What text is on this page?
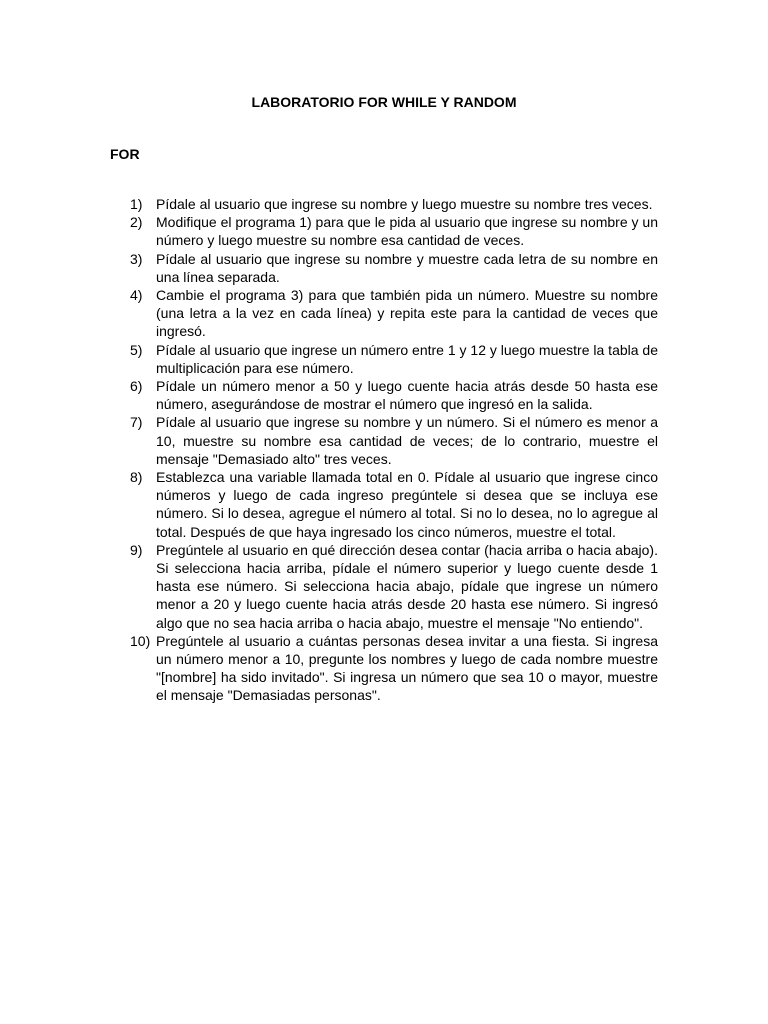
LABORATORIO FOR WHILE Y RANDOM
FOR
1) Pídale al usuario que ingrese su nombre y luego muestre su nombre tres veces.
2) Modifique el programa 1) para que le pida al usuario que ingrese su nombre y un número y luego muestre su nombre esa cantidad de veces.
3) Pídale al usuario que ingrese su nombre y muestre cada letra de su nombre en una línea separada.
4) Cambie el programa 3) para que también pida un número. Muestre su nombre (una letra a la vez en cada línea) y repita este para la cantidad de veces que ingresó.
5) Pídale al usuario que ingrese un número entre 1 y 12 y luego muestre la tabla de multiplicación para ese número.
6) Pídale un número menor a 50 y luego cuente hacia atrás desde 50 hasta ese número, asegurándose de mostrar el número que ingresó en la salida.
7) Pídale al usuario que ingrese su nombre y un número. Si el número es menor a 10, muestre su nombre esa cantidad de veces; de lo contrario, muestre el mensaje "Demasiado alto" tres veces.
8) Establezca una variable llamada total en 0. Pídale al usuario que ingrese cinco números y luego de cada ingreso pregúntele si desea que se incluya ese número. Si lo desea, agregue el número al total. Si no lo desea, no lo agregue al total. Después de que haya ingresado los cinco números, muestre el total.
9) Pregúntele al usuario en qué dirección desea contar (hacia arriba o hacia abajo). Si selecciona hacia arriba, pídale el número superior y luego cuente desde 1 hasta ese número. Si selecciona hacia abajo, pídale que ingrese un número menor a 20 y luego cuente hacia atrás desde 20 hasta ese número. Si ingresó algo que no sea hacia arriba o hacia abajo, muestre el mensaje "No entiendo".
10) Pregúntele al usuario a cuántas personas desea invitar a una fiesta. Si ingresa un número menor a 10, pregunte los nombres y luego de cada nombre muestre "[nombre] ha sido invitado". Si ingresa un número que sea 10 o mayor, muestre el mensaje "Demasiadas personas".
